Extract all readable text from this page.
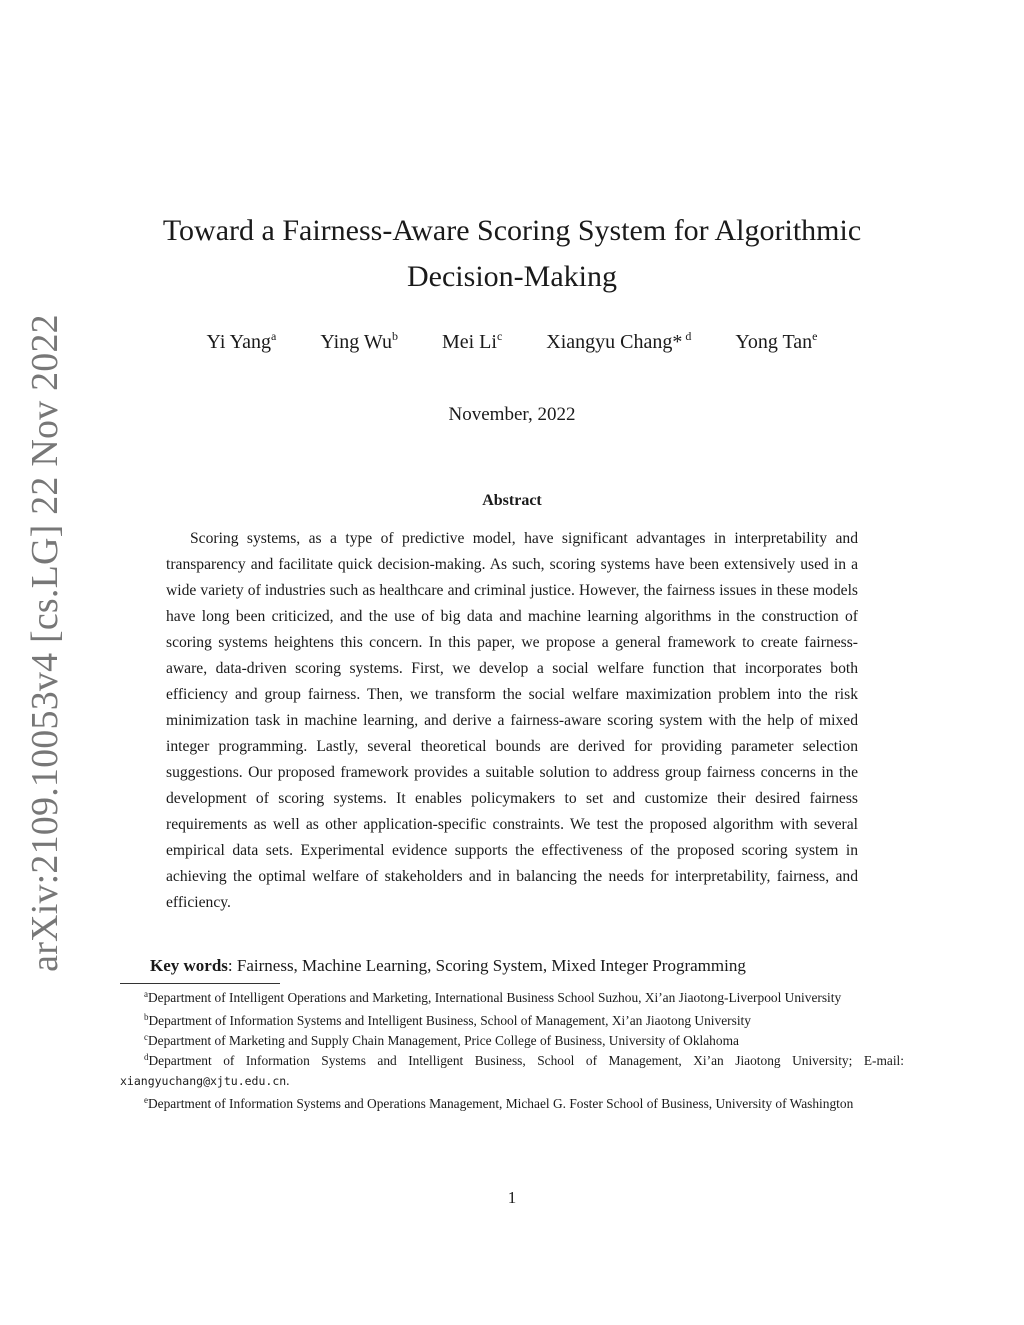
arXiv:2109.10053v4 [cs.LG] 22 Nov 2022
Toward a Fairness-Aware Scoring System for Algorithmic Decision-Making
Yi Yang$^a$ Ying Wu$^b$ Mei Li$^c$ Xiangyu Chang* $^d$ Yong Tan$^e$
November, 2022
Abstract

Scoring systems, as a type of predictive model, have significant advantages in interpretability and transparency and facilitate quick decision-making. As such, scoring systems have been extensively used in a wide variety of industries such as healthcare and criminal justice. However, the fairness issues in these models have long been criticized, and the use of big data and machine learning algorithms in the construction of scoring systems heightens this concern. In this paper, we propose a general framework to create fairness-aware, data-driven scoring systems. First, we develop a social welfare function that incorporates both efficiency and group fairness. Then, we transform the social welfare maximization problem into the risk minimization task in machine learning, and derive a fairness-aware scoring system with the help of mixed integer programming. Lastly, several theoretical bounds are derived for providing parameter selection suggestions. Our proposed framework provides a suitable solution to address group fairness concerns in the development of scoring systems. It enables policymakers to set and customize their desired fairness requirements as well as other application-specific constraints. We test the proposed algorithm with several empirical data sets. Experimental evidence supports the effectiveness of the proposed scoring system in achieving the optimal welfare of stakeholders and in balancing the needs for interpretability, fairness, and efficiency.

Key words: Fairness, Machine Learning, Scoring System, Mixed Integer Programming

$^a$Department of Intelligent Operations and Marketing, International Business School Suzhou, Xi’an Jiaotong-Liverpool University

$^b$Department of Information Systems and Intelligent Business, School of Management, Xi’an Jiaotong University

$^c$Department of Marketing and Supply Chain Management, Price College of Business, University of Oklahoma

$^d$Department of Information Systems and Intelligent Business, School of Management, Xi’an Jiaotong University; E-mail: xiangyuchang@xjtu.edu.cn.

$^e$Department of Information Systems and Operations Management, Michael G. Foster School of Business, University of Washington

1
